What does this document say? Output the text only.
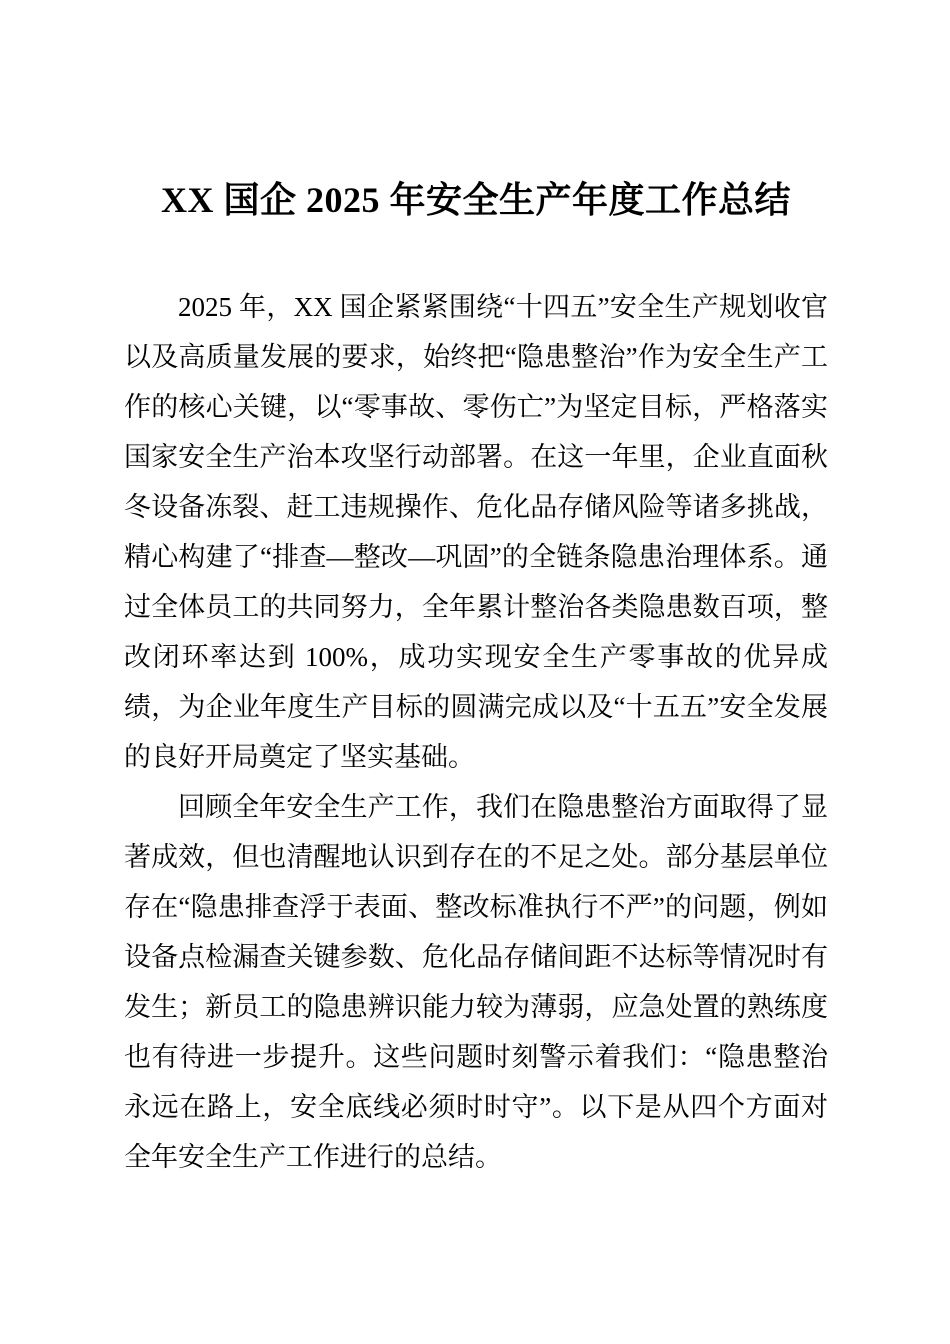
XX 国企 2025 年安全生产年度工作总结

2025 年，XX 国企紧紧围绕“十四五”安全生产规划收官以及高质量发展的要求，始终把“隐患整治”作为安全生产工作的核心关键，以“零事故、零伤亡”为坚定目标，严格落实国家安全生产治本攻坚行动部署。在这一年里，企业直面秋冬设备冻裂、赶工违规操作、危化品存储风险等诸多挑战，精心构建了“排查—整改—巩固”的全链条隐患治理体系。通过全体员工的共同努力，全年累计整治各类隐患数百项，整改闭环率达到 100%，成功实现安全生产零事故的优异成绩，为企业年度生产目标的圆满完成以及“十五五”安全发展的良好开局奠定了坚实基础。

回顾全年安全生产工作，我们在隐患整治方面取得了显著成效，但也清醒地认识到存在的不足之处。部分基层单位存在“隐患排查浮于表面、整改标准执行不严”的问题，例如设备点检漏查关键参数、危化品存储间距不达标等情况时有发生；新员工的隐患辨识能力较为薄弱，应急处置的熟练度也有待进一步提升。这些问题时刻警示着我们：“隐患整治永远在路上，安全底线必须时时守”。以下是从四个方面对全年安全生产工作进行的总结。
